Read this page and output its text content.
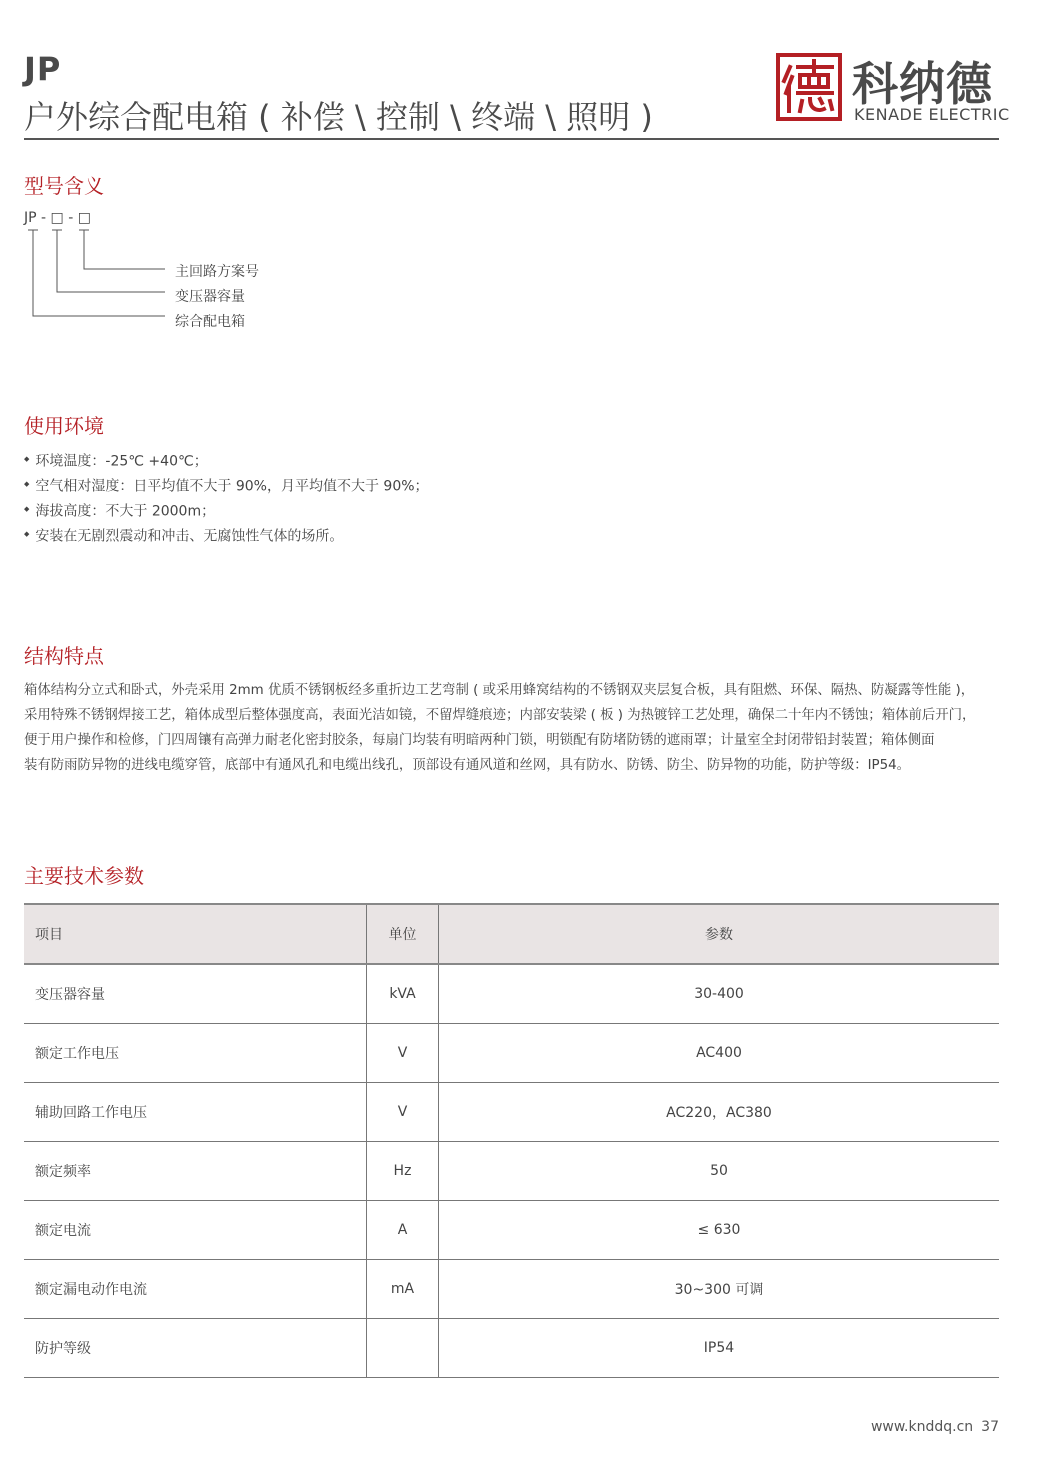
JP
户外综合配电箱 ( 补偿 \ 控制 \ 终端 \ 照明 )
科纳德
KENADE ELECTRIC
型号含义
JP - □ - □
主回路方案号
变压器容量
综合配电箱
使用环境
◆ 环境温度：-25℃ +40℃；
◆ 空气相对湿度：日平均值不大于 90%，月平均值不大于 90%；
◆ 海拔高度：不大于 2000m；
◆ 安装在无剧烈震动和冲击、无腐蚀性气体的场所。
结构特点

箱体结构分立式和卧式，外壳采用 2mm 优质不锈钢板经多重折边工艺弯制 ( 或采用蜂窝结构的不锈钢双夹层复合板，具有阻燃、环保、隔热、防凝露等性能 )，

采用特殊不锈钢焊接工艺，箱体成型后整体强度高，表面光洁如镜，不留焊缝痕迹；内部安装梁 ( 板 ) 为热镀锌工艺处理，确保二十年内不锈蚀；箱体前后开门，

便于用户操作和检修，门四周镶有高弹力耐老化密封胶条，每扇门均装有明暗两种门锁，明锁配有防堵防锈的遮雨罩；计量室全封闭带铅封装置；箱体侧面

装有防雨防异物的进线电缆穿管，底部中有通风孔和电缆出线孔，顶部设有通风道和丝网，具有防水、防锈、防尘、防异物的功能，防护等级：IP54。

主要技术参数
项目	单位	参数
变压器容量	kVA	30-400
额定工作电压	V	AC400
辅助回路工作电压	V	AC220，AC380
额定频率	Hz	50
额定电流	A	≤ 630
额定漏电动作电流	mA	30~300 可调
防护等级		IP54
www.knddq.cn 37
